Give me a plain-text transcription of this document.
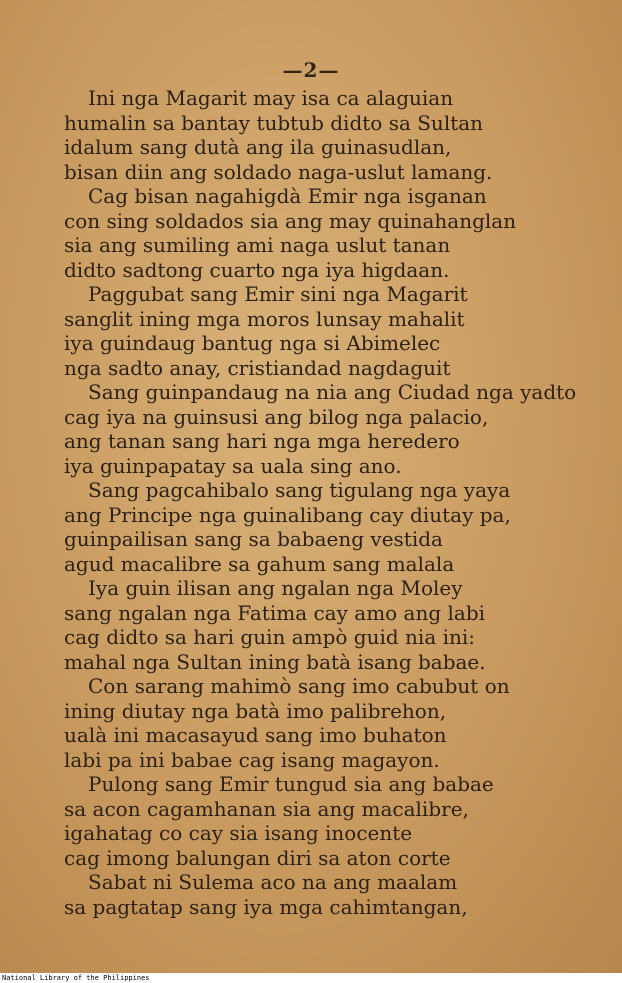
—2—
Ini nga Magarit may isa ca alaguian
humalin sa bantay tubtub didto sa Sultan
idalum sang dutà ang ila guinasudlan,
bisan diin ang soldado naga-uslut lamang.
Cag bisan nagahigdà Emir nga isganan
con sing soldados sia ang may quinahanglan
sia ang sumiling ami naga uslut tanan
didto sadtong cuarto nga iya higdaan.
Paggubat sang Emir sini nga Magarit
sanglit ining mga moros lunsay mahalit
iya guindaug bantug nga si Abimelec
nga sadto anay, cristiandad nagdaguit
Sang guinpandaug na nia ang Ciudad nga yadto
cag iya na guinsusi ang bilog nga palacio,
ang tanan sang hari nga mga heredero
iya guinpapatay sa uala sing ano.
Sang pagcahibalo sang tigulang nga yaya
ang Principe nga guinalibang cay diutay pa,
guinpailisan sang sa babaeng vestida
agud macalibre sa gahum sang malala
Iya guin ilisan ang ngalan nga Moley
sang ngalan nga Fatima cay amo ang labi
cag didto sa hari guin ampò guid nia ini:
mahal nga Sultan ining batà isang babae.
Con sarang mahimò sang imo cabubut on
ining diutay nga batà imo palibrehon,
ualà ini macasayud sang imo buhaton
labi pa ini babae cag isang magayon.
Pulong sang Emir tungud sia ang babae
sa acon cagamhanan sia ang macalibre,
igahatag co cay sia isang inocente
cag imong balungan diri sa aton corte
Sabat ni Sulema aco na ang maalam
sa pagtatap sang iya mga cahimtangan,
National Library of the Philippines
